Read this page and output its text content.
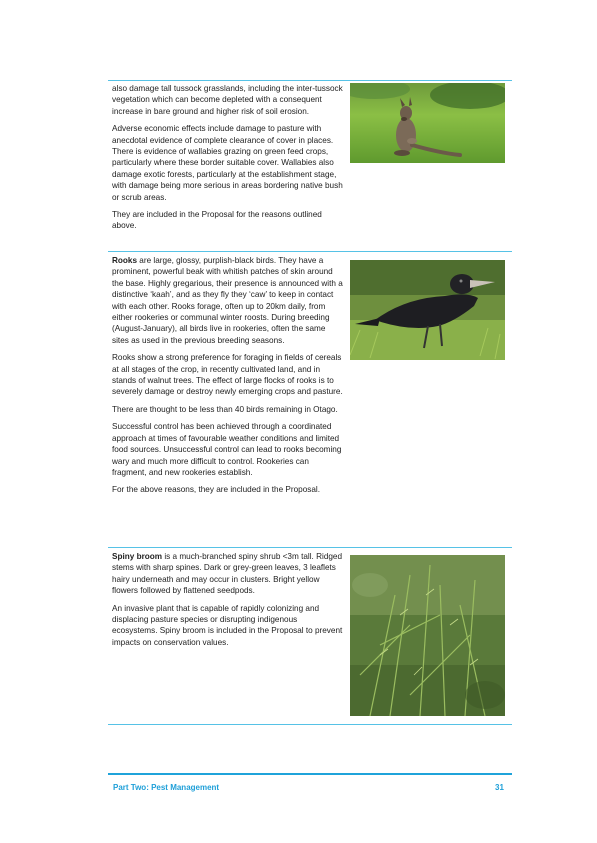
also damage tall tussock grasslands, including the inter-tussock vegetation which can become depleted with a consequent increase in bare ground and higher risk of soil erosion.

Adverse economic effects include damage to pasture with anecdotal evidence of complete clearance of cover in places. There is evidence of wallabies grazing on green feed crops, particularly where these border suitable cover. Wallabies also damage exotic forests, particularly at the establishment stage, with damage being more serious in areas bordering native bush or scrub areas.

They are included in the Proposal for the reasons outlined above.

Rooks are large, glossy, purplish-black birds. They have a prominent, powerful beak with whitish patches of skin around the base. Highly gregarious, their presence is announced with a distinctive ‘kaah’, and as they fly they ‘caw’ to keep in contact with each other. Rooks forage, often up to 20km daily, from either rookeries or communal winter roosts. During breeding (August-January), all birds live in rookeries, often the same sites as used in the previous breeding seasons.

Rooks show a strong preference for foraging in fields of cereals at all stages of the crop, in recently cultivated land, and in stands of walnut trees. The effect of large flocks of rooks is to severely damage or destroy newly emerging crops and pasture.

There are thought to be less than 40 birds remaining in Otago.

Successful control has been achieved through a coordinated approach at times of favourable weather conditions and limited food sources. Unsuccessful control can lead to rooks becoming wary and much more difficult to control. Rookeries can fragment, and new rookeries establish.

For the above reasons, they are included in the Proposal.

Spiny broom is a much-branched spiny shrub <3m tall. Ridged stems with sharp spines. Dark or grey-green leaves, 3 leaflets hairy underneath and may occur in clusters. Bright yellow flowers followed by flattened seedpods.

An invasive plant that is capable of rapidly colonizing and displacing pasture species or disrupting indigenous ecosystems. Spiny broom is included in the Proposal to prevent impacts on conservation values.

Part Two: Pest Management	31
